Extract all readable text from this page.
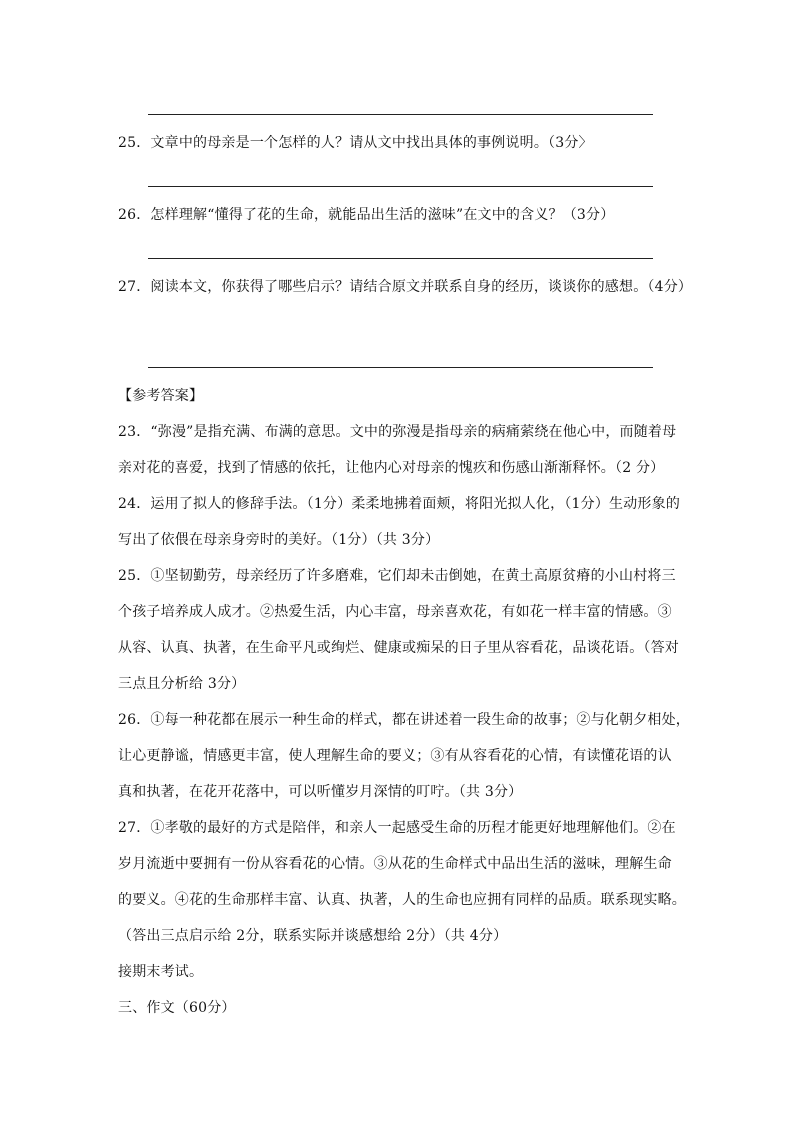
25．文章中的母亲是一个怎样的人？请从文中找出具体的事例说明。（3分〉
26．怎样理解“懂得了花的生命，就能品出生活的滋味”在文中的含义？（3分）
27．阅读本文，你获得了哪些启示？请结合原文并联系自身的经历，谈谈你的感想。（4分）
【参考答案】
23．“弥漫”是指充满、布满的意思。文中的弥漫是指母亲的病痛萦绕在他心中，而随着母
亲对花的喜爱，找到了情感的依托，让他内心对母亲的愧疚和伤感山渐渐释怀。（2 分）
24．运用了拟人的修辞手法。（1分）柔柔地拂着面颊，将阳光拟人化，（1分）生动形象的
写出了依偎在母亲身旁时的美好。（1分）（共 3分）
25．①坚韧勤劳，母亲经历了许多磨难，它们却未击倒她，在黄土高原贫瘠的小山村将三
个孩子培养成人成才。②热爱生活，内心丰富，母亲喜欢花，有如花一样丰富的情感。③
从容、认真、执著，在生命平凡或绚烂、健康或痴呆的日子里从容看花，品谈花语。（答对
三点且分析给 3分）
26．①每一种花都在展示一种生命的样式，都在讲述着一段生命的故事；②与化朝夕相处，
让心更静谧，情感更丰富，使人理解生命的要义；③有从容看花的心情，有读懂花语的认
真和执著，在花开花落中，可以听懂岁月深情的叮咛。（共 3分）
27．①孝敬的最好的方式是陪伴，和亲人一起感受生命的历程才能更好地理解他们。②在
岁月流逝中要拥有一份从容看花的心情。③从花的生命样式中品出生活的滋味，理解生命
的要义。④花的生命那样丰富、认真、执著，人的生命也应拥有同样的品质。联系现实略。
（答出三点启示给 2分，联系实际并谈感想给 2分）（共 4分）
接期末考试。
三、作文（60分）
